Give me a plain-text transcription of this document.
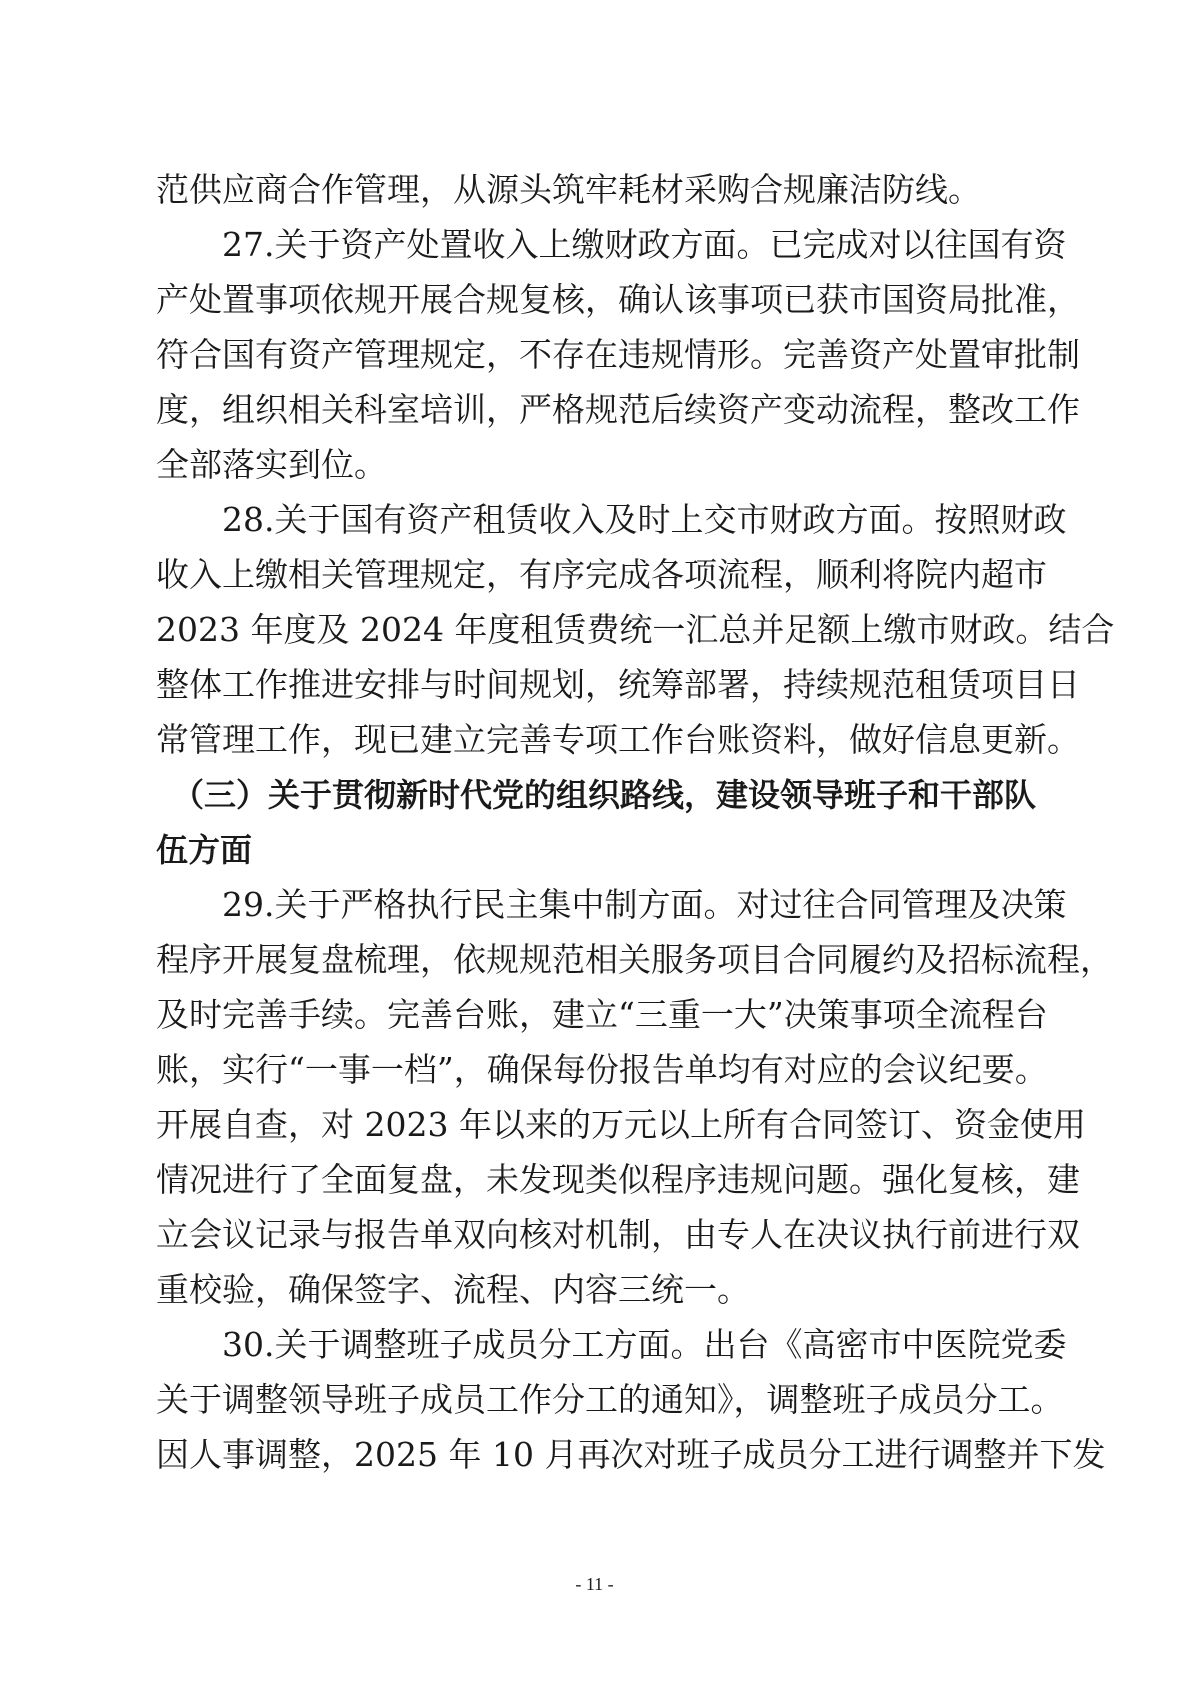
范供应商合作管理，从源头筑牢耗材采购合规廉洁防线。
　　27.关于资产处置收入上缴财政方面。已完成对以往国有资
产处置事项依规开展合规复核，确认该事项已获市国资局批准，
符合国有资产管理规定，不存在违规情形。完善资产处置审批制
度，组织相关科室培训，严格规范后续资产变动流程，整改工作
全部落实到位。
　　28.关于国有资产租赁收入及时上交市财政方面。按照财政
收入上缴相关管理规定，有序完成各项流程，顺利将院内超市
2023 年度及 2024 年度租赁费统一汇总并足额上缴市财政。结合
整体工作推进安排与时间规划，统筹部署，持续规范租赁项目日
常管理工作，现已建立完善专项工作台账资料，做好信息更新。
　（三）关于贯彻新时代党的组织路线，建设领导班子和干部队
伍方面
　　29.关于严格执行民主集中制方面。对过往合同管理及决策
程序开展复盘梳理，依规规范相关服务项目合同履约及招标流程，
及时完善手续。完善台账，建立“三重一大”决策事项全流程台
账，实行“一事一档”，确保每份报告单均有对应的会议纪要。
开展自查，对 2023 年以来的万元以上所有合同签订、资金使用
情况进行了全面复盘，未发现类似程序违规问题。强化复核，建
立会议记录与报告单双向核对机制，由专人在决议执行前进行双
重校验，确保签字、流程、内容三统一。
　　30.关于调整班子成员分工方面。出台《高密市中医院党委
关于调整领导班子成员工作分工的通知》，调整班子成员分工。
因人事调整，2025 年 10 月再次对班子成员分工进行调整并下发
- 11 -
